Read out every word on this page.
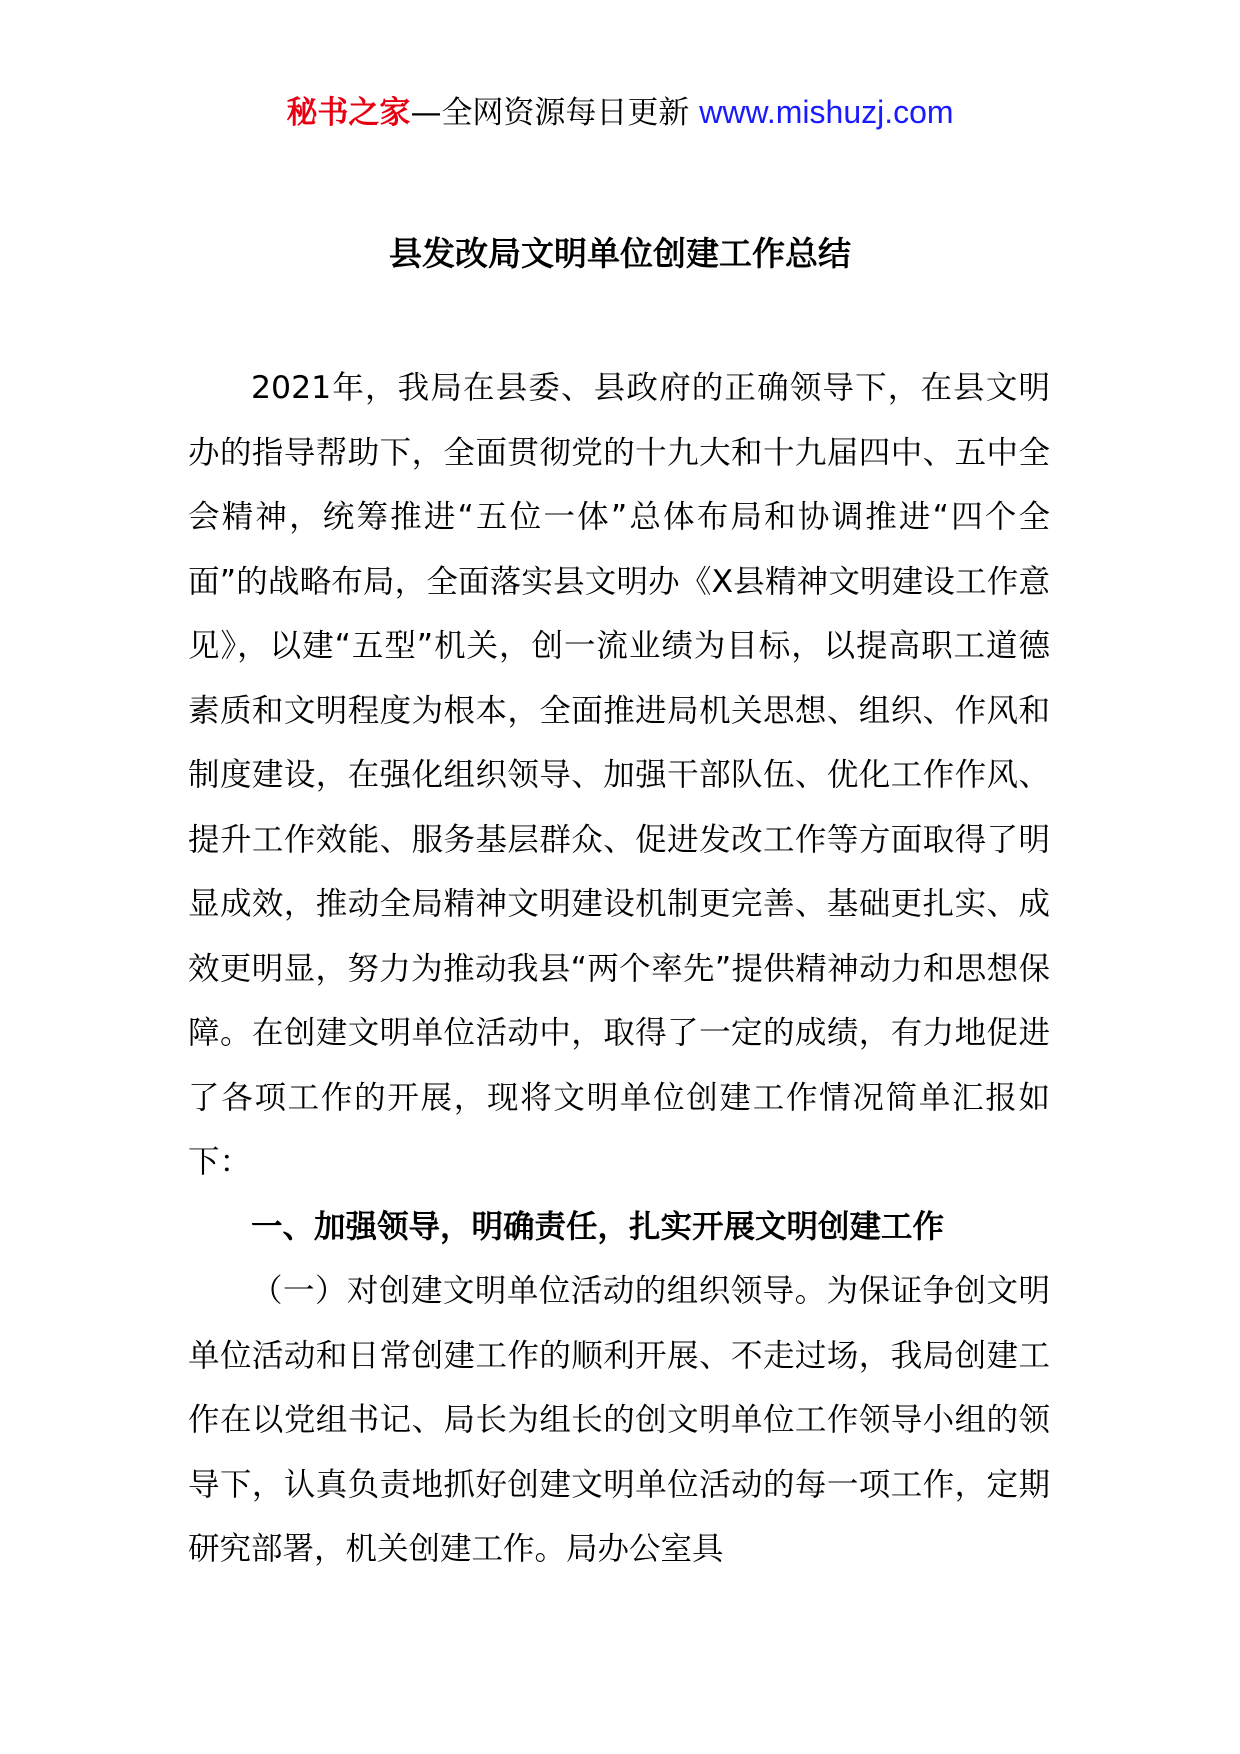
秘书之家—全网资源每日更新 www.mishuzj.com
县发改局文明单位创建工作总结

2021年，我局在县委、县政府的正确领导下，在县文明办的指导帮助下，全面贯彻党的十九大和十九届四中、五中全会精神，统筹推进“五位一体”总体布局和协调推进“四个全面”的战略布局，全面落实县文明办《X县精神文明建设工作意见》，以建“五型”机关，创一流业绩为目标，以提高职工道德素质和文明程度为根本，全面推进局机关思想、组织、作风和制度建设，在强化组织领导、加强干部队伍、优化工作作风、提升工作效能、服务基层群众、促进发改工作等方面取得了明显成效，推动全局精神文明建设机制更完善、基础更扎实、成效更明显，努力为推动我县“两个率先”提供精神动力和思想保障。在创建文明单位活动中，取得了一定的成绩，有力地促进了各项工作的开展，现将文明单位创建工作情况简单汇报如下：

一、加强领导，明确责任，扎实开展文明创建工作

（一）对创建文明单位活动的组织领导。为保证争创文明单位活动和日常创建工作的顺利开展、不走过场，我局创建工作在以党组书记、局长为组长的创文明单位工作领导小组的领导下，认真负责地抓好创建文明单位活动的每一项工作，定期研究部署，机关创建工作。局办公室具
